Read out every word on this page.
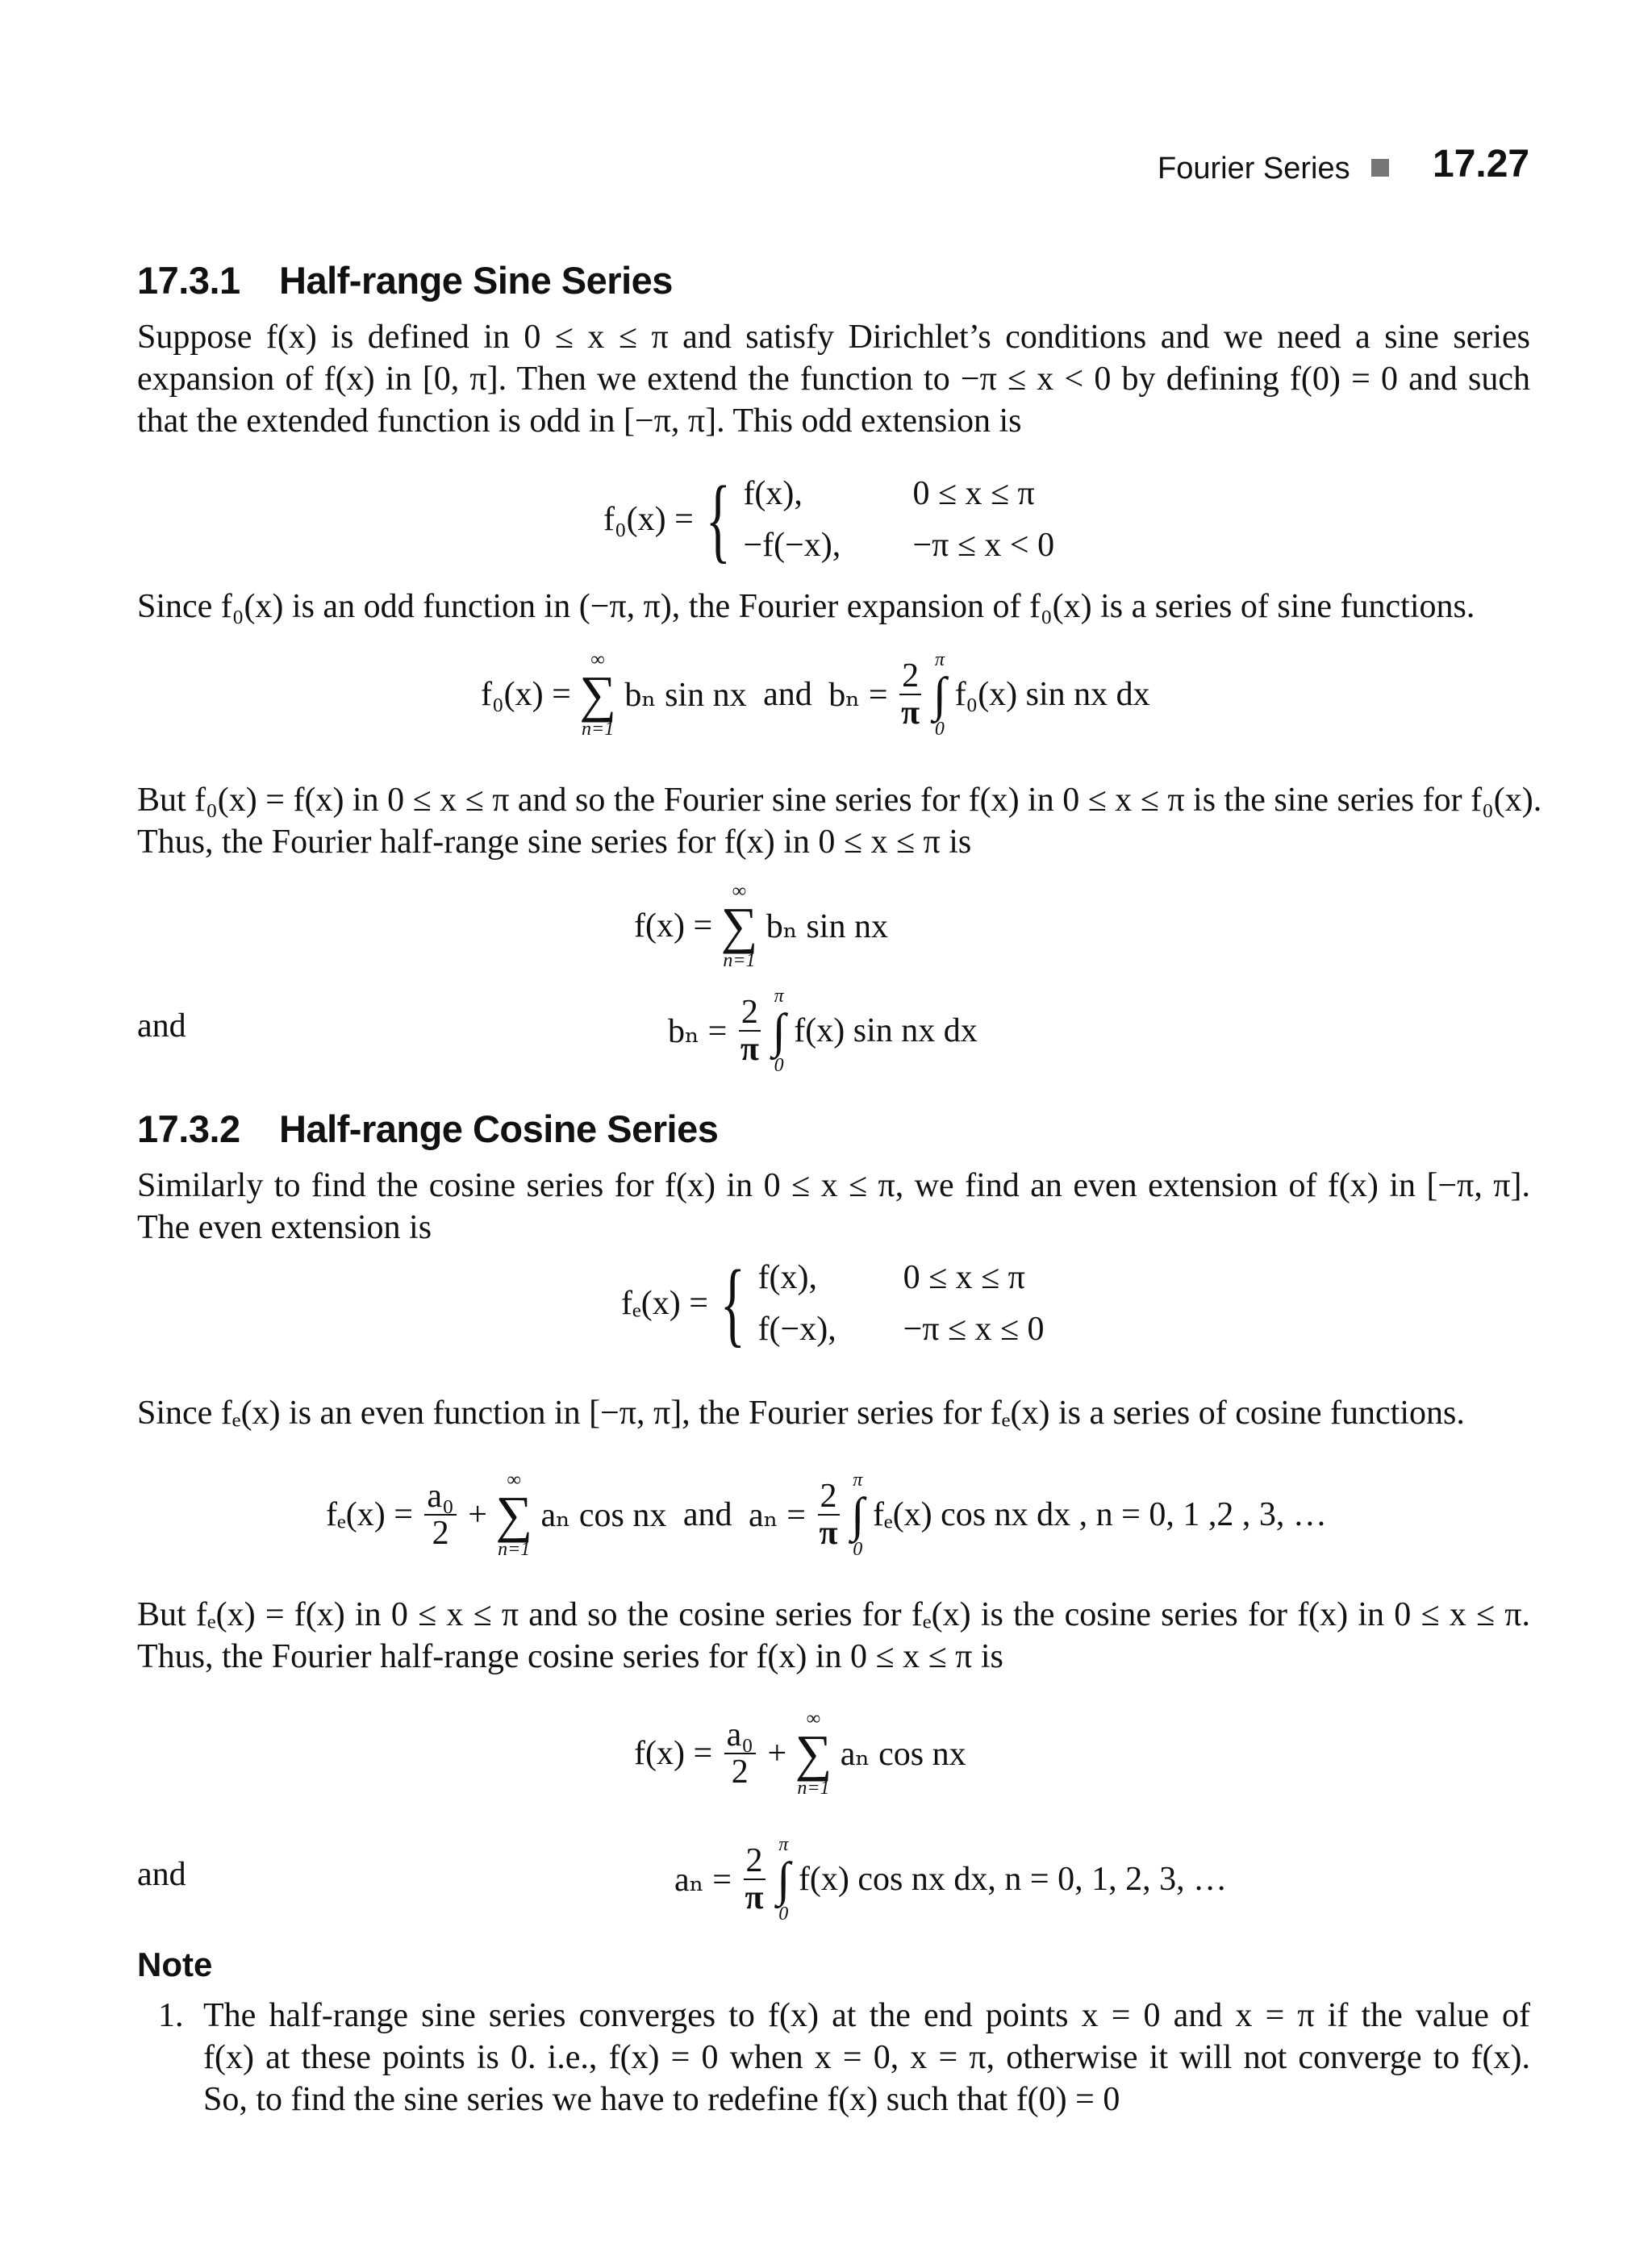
Fourier Series 17.27
17.3.1 Half-range Sine Series
Suppose f(x) is defined in 0 ≤ x ≤ π and satisfy Dirichlet’s conditions and we need a sine series
expansion of f(x) in [0, π]. Then we extend the function to −π ≤ x < 0 by defining f(0) = 0 and such
that the extended function is odd in [−π, π]. This odd extension is
f₀(x) = { f(x),	0 ≤ x ≤ π
−f(−x), −π ≤ x < 0
Since f₀(x) is an odd function in (−π, π), the Fourier expansion of f₀(x) is a series of sine functions.
f₀(x) =
∞
∑
n=1
bₙ sin nx and $b_n = \frac{2}{\pi}$
π
∫
0
f₀(x) sin nx dx
But f₀(x) = f(x) in 0 ≤ x ≤ π and so the Fourier sine series for f(x) in 0 ≤ x ≤ π is the sine series for f₀(x).
Thus, the Fourier half-range sine series for f(x) in 0 ≤ x ≤ π is
f(x) =
∞
∑
n=1
bₙ sin nx
and	$b_n = \frac{2}{\pi}$
π
∫
0
f(x) sin nx dx
17.3.2 Half-range Cosine Series
Similarly to find the cosine series for f(x) in 0 ≤ x ≤ π, we find an even extension of f(x) in [−π, π].
The even extension is
fₑ(x) = { f(x),	0 ≤ x ≤ π
f(−x), −π ≤ x ≤ 0
Since fₑ(x) is an even function in [−π, π], the Fourier series for fₑ(x) is a series of cosine functions.
$f_e(x) = \frac{\text{a₀}}{2}$ +
∞
∑
n=1
aₙ cos nx and $a_n = \frac{2}{\pi}$
π
∫
0
fₑ(x) cos nx dx , n = 0, 1 ,2 , 3, …
But fₑ(x) = f(x) in 0 ≤ x ≤ π and so the cosine series for fₑ(x) is the cosine series for f(x) in 0 ≤ x ≤ π.
Thus, the Fourier half-range cosine series for f(x) in 0 ≤ x ≤ π is
$f(x) = \frac{\text{a₀}}{2}$ +
∞
∑
n=1
aₙ cos nx
and	$a_n = \frac{2}{\pi}$
π
∫
0
f(x) cos nx dx, n = 0, 1, 2, 3, …
Note
1. The half-range sine series converges to f(x) at the end points x = 0 and x = π if the value of
f(x) at these points is 0. i.e., f(x) = 0 when x = 0, x = π, otherwise it will not converge to f(x).
So, to find the sine series we have to redefine f(x) such that f(0) = 0
